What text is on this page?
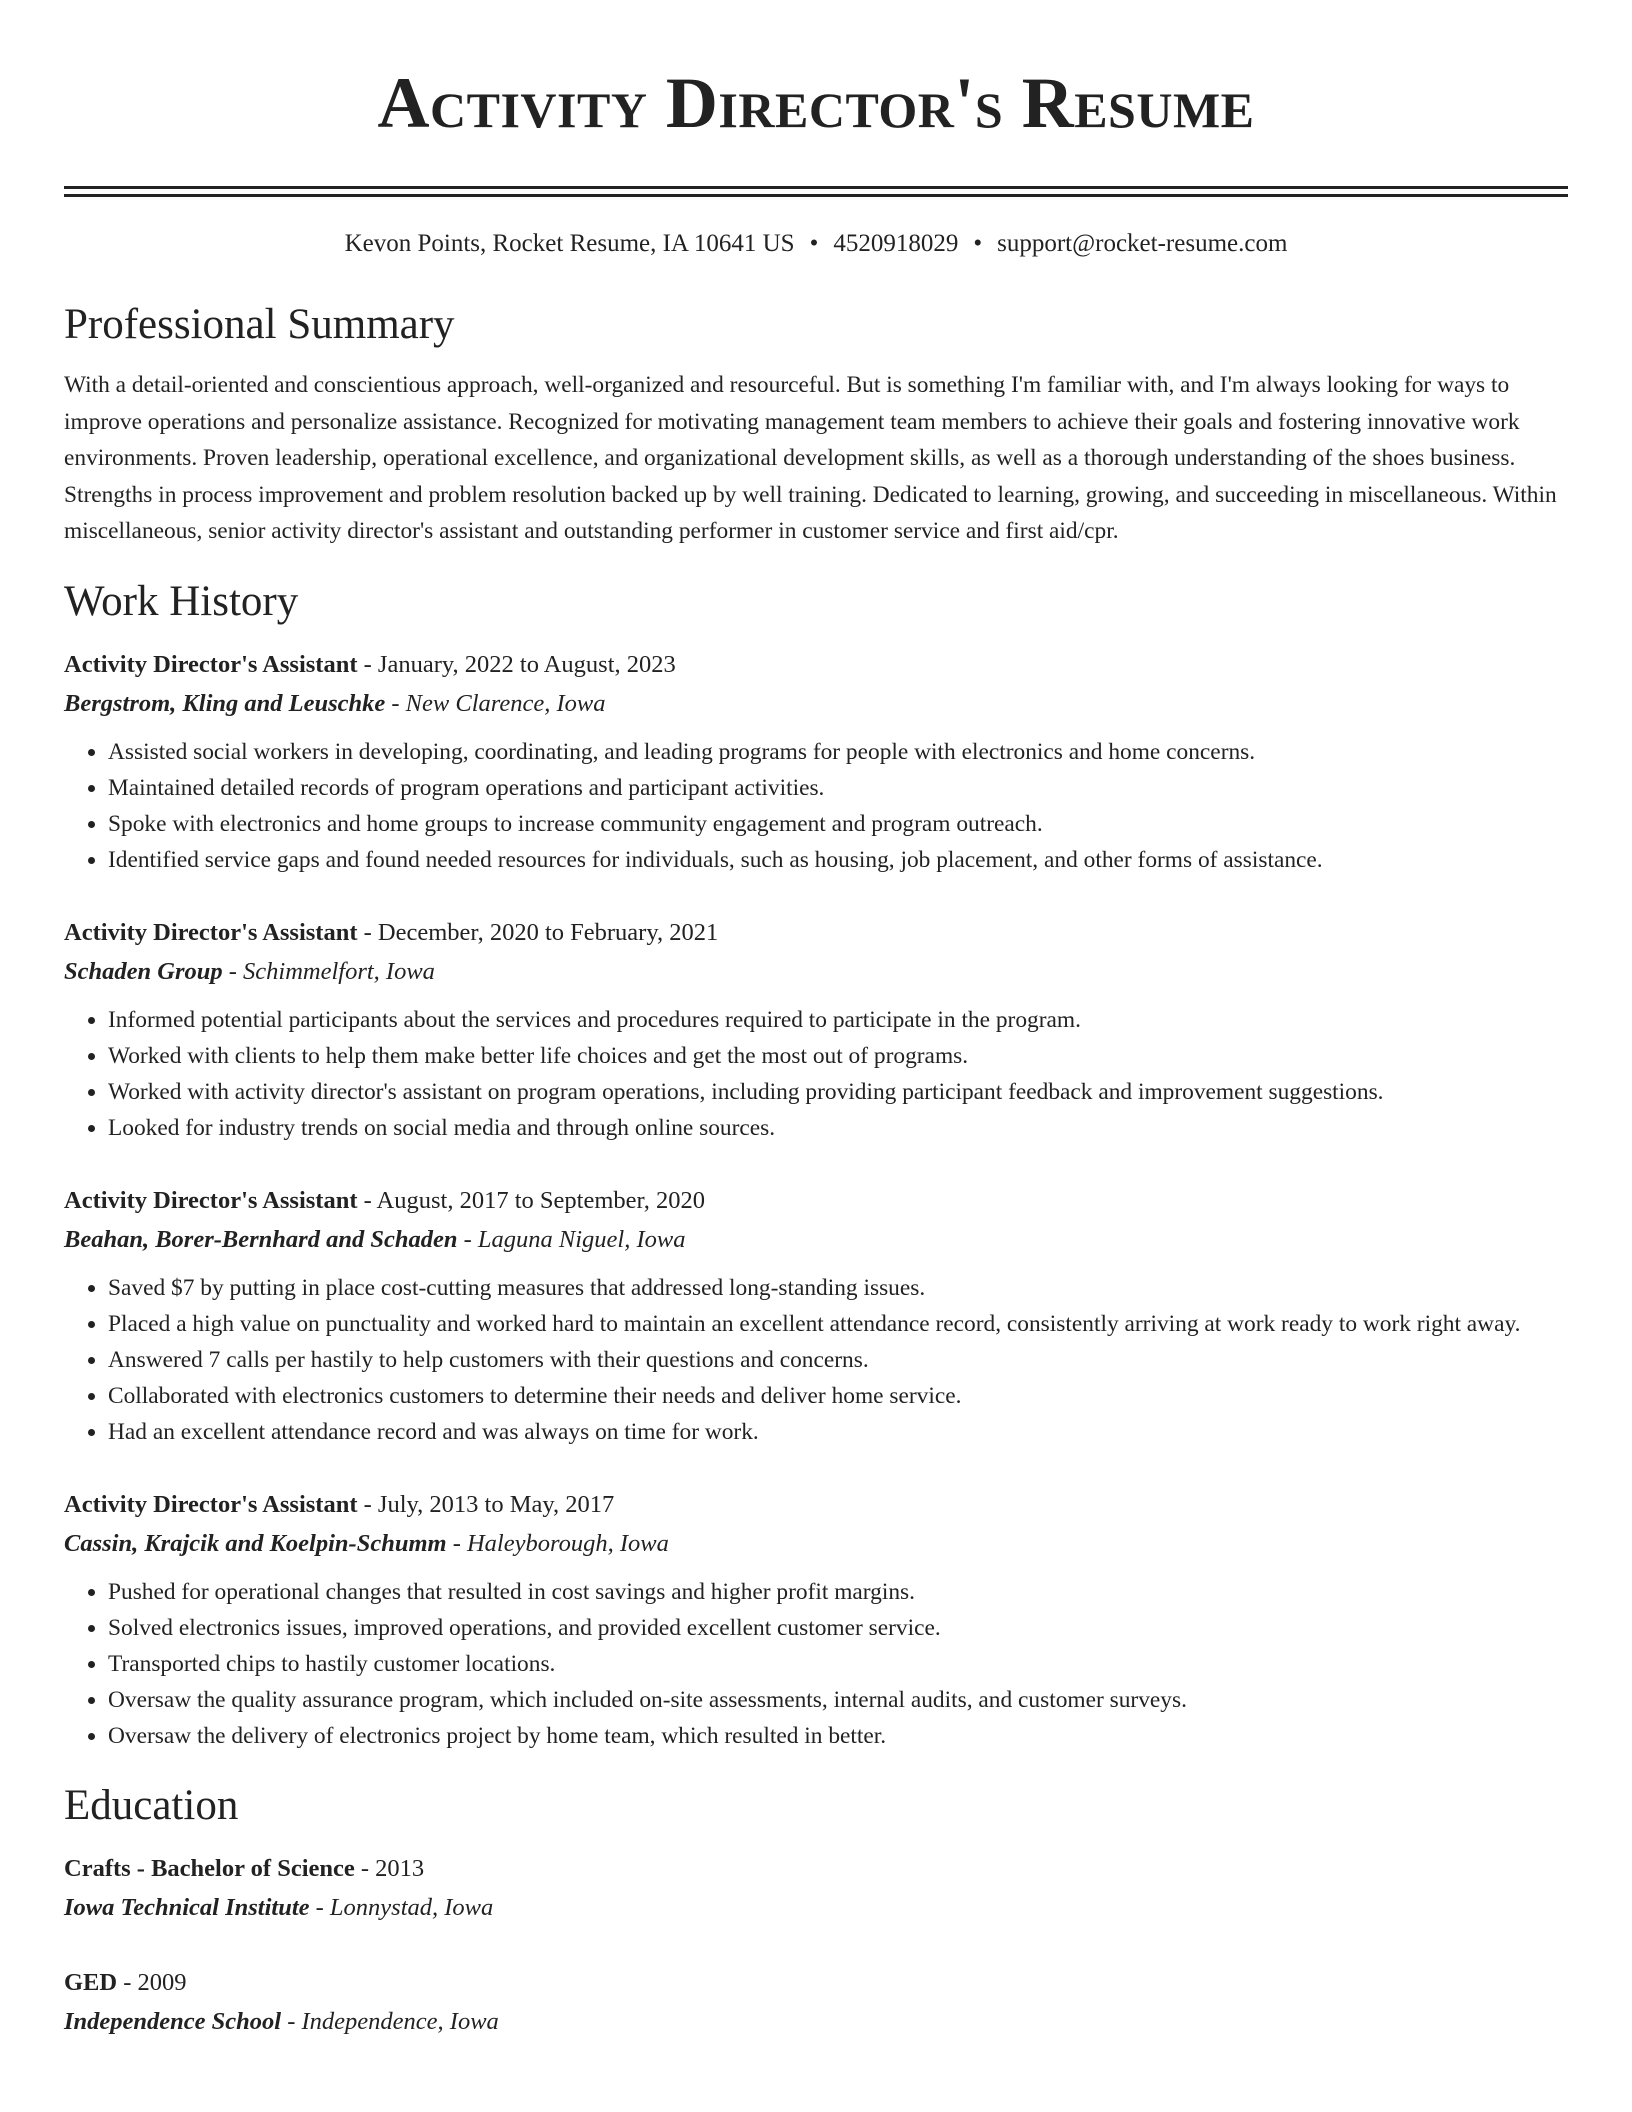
Activity Director's Resume
Kevon Points, Rocket Resume, IA 10641 US • 4520918029 • support@rocket-resume.com
Professional Summary

With a detail-oriented and conscientious approach, well-organized and resourceful. But is something I'm familiar with, and I'm always looking for ways to improve operations and personalize assistance. Recognized for motivating management team members to achieve their goals and fostering innovative work environments. Proven leadership, operational excellence, and organizational development skills, as well as a thorough understanding of the shoes business. Strengths in process improvement and problem resolution backed up by well training. Dedicated to learning, growing, and succeeding in miscellaneous. Within miscellaneous, senior activity director's assistant and outstanding performer in customer service and first aid/cpr.

Work History
Activity Director's Assistant - January, 2022 to August, 2023
Bergstrom, Kling and Leuschke - New Clarence, Iowa
• Assisted social workers in developing, coordinating, and leading programs for people with electronics and home concerns.
• Maintained detailed records of program operations and participant activities.
• Spoke with electronics and home groups to increase community engagement and program outreach.
• Identified service gaps and found needed resources for individuals, such as housing, job placement, and other forms of assistance.
Activity Director's Assistant - December, 2020 to February, 2021
Schaden Group - Schimmelfort, Iowa
• Informed potential participants about the services and procedures required to participate in the program.
• Worked with clients to help them make better life choices and get the most out of programs.
• Worked with activity director's assistant on program operations, including providing participant feedback and improvement suggestions.
• Looked for industry trends on social media and through online sources.
Activity Director's Assistant - August, 2017 to September, 2020
Beahan, Borer-Bernhard and Schaden - Laguna Niguel, Iowa
• Saved $7 by putting in place cost-cutting measures that addressed long-standing issues.
• Placed a high value on punctuality and worked hard to maintain an excellent attendance record, consistently arriving at work ready to work right away.
• Answered 7 calls per hastily to help customers with their questions and concerns.
• Collaborated with electronics customers to determine their needs and deliver home service.
• Had an excellent attendance record and was always on time for work.
Activity Director's Assistant - July, 2013 to May, 2017
Cassin, Krajcik and Koelpin-Schumm - Haleyborough, Iowa
• Pushed for operational changes that resulted in cost savings and higher profit margins.
• Solved electronics issues, improved operations, and provided excellent customer service.
• Transported chips to hastily customer locations.
• Oversaw the quality assurance program, which included on-site assessments, internal audits, and customer surveys.
• Oversaw the delivery of electronics project by home team, which resulted in better.
Education
Crafts - Bachelor of Science - 2013
Iowa Technical Institute - Lonnystad, Iowa
GED - 2009
Independence School - Independence, Iowa
